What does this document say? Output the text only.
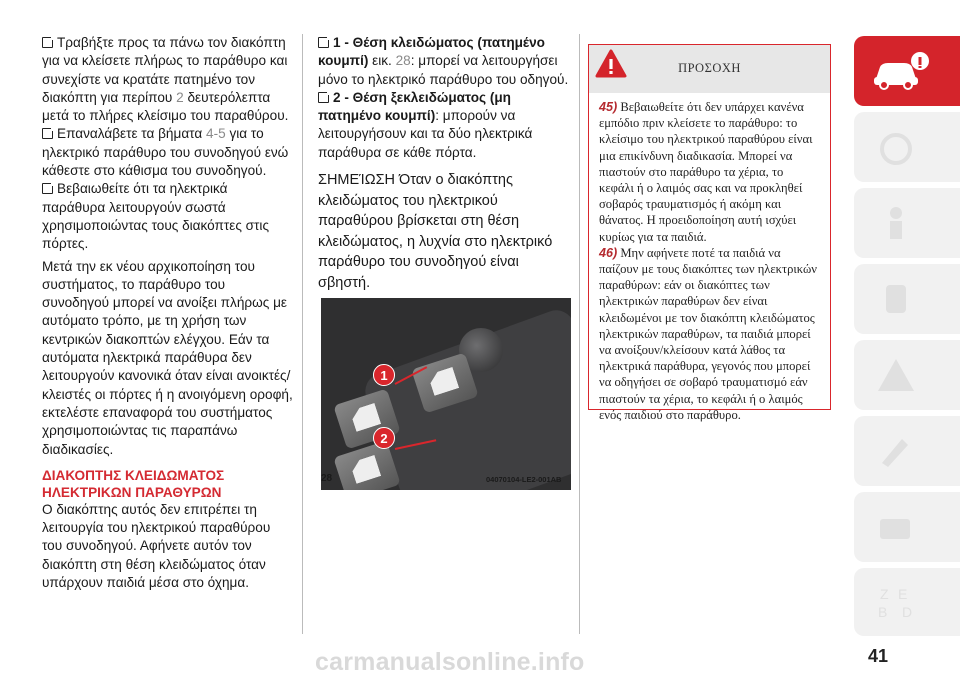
Τραβήξτε προς τα πάνω τον διακόπτη για να κλείσετε πλήρως το παράθυρο και συνεχίστε να κρατάτε πατημένο τον διακόπτη για περίπου 2 δευτερόλεπτα μετά το πλήρες κλείσιμο του παραθύρου.

Επαναλάβετε τα βήματα 4-5 για το ηλεκτρικό παράθυρο του συνοδηγού ενώ κάθεστε στο κάθισμα του συνοδηγού.

Βεβαιωθείτε ότι τα ηλεκτρικά παράθυρα λειτουργούν σωστά χρησιμοποιώντας τους διακόπτες στις πόρτες.

Μετά την εκ νέου αρχικοποίηση του συστήματος, το παράθυρο του συνοδηγού μπορεί να ανοίξει πλήρως με αυτόματο τρόπο, με τη χρήση των κεντρικών διακοπτών ελέγχου. Εάν τα αυτόματα ηλεκτρικά παράθυρα δεν λειτουργούν κανονικά όταν είναι ανοικτές/κλειστές οι πόρτες ή η ανοιγόμενη οροφή, εκτελέστε επαναφορά του συστήματος χρησιμοποιώντας τις παραπάνω διαδικασίες.

ΔΙΑΚΟΠΤΗΣ ΚΛΕΙΔΩΜΑΤΟΣ ΗΛΕΚΤΡΙΚΩΝ ΠΑΡΑΘΥΡΩΝ

Ο διακόπτης αυτός δεν επιτρέπει τη λειτουργία του ηλεκτρικού παραθύρου του συνοδηγού. Αφήνετε αυτόν τον διακόπτη στη θέση κλειδώματος όταν υπάρχουν παιδιά μέσα στο όχημα.

1 - Θέση κλειδώματος (πατημένο κουμπί) εικ. 28: μπορεί να λειτουργήσει μόνο το ηλεκτρικό παράθυρο του οδηγού.

2 - Θέση ξεκλειδώματος (μη πατημένο κουμπί): μπορούν να λειτουργήσουν και τα δύο ηλεκτρικά παράθυρα σε κάθε πόρτα.

ΣΗΜΕΊΩΣΗ Όταν ο διακόπτης κλειδώματος του ηλεκτρικού παραθύρου βρίσκεται στη θέση κλειδώματος, η λυχνία στο ηλεκτρικό παράθυρο του συνοδηγού είναι σβηστή.

1
2
28	04070104-LE2-001AB
ΠΡΟΣΟΧΗ

45) Βεβαιωθείτε ότι δεν υπάρχει κανένα εμπόδιο πριν κλείσετε το παράθυρο: το κλείσιμο του ηλεκτρικού παραθύρου είναι μια επικίνδυνη διαδικασία. Μπορεί να πιαστούν στο παράθυρο τα χέρια, το κεφάλι ή ο λαιμός σας και να προκληθεί σοβαρός τραυματισμός ή ακόμη και θάνατος. Η προειδοποίηση αυτή ισχύει κυρίως για τα παιδιά.

46) Μην αφήνετε ποτέ τα παιδιά να παίζουν με τους διακόπτες των ηλεκτρικών παραθύρων: εάν οι διακόπτες των ηλεκτρικών παραθύρων δεν είναι κλειδωμένοι με τον διακόπτη κλειδώματος ηλεκτρικών παραθύρων, τα παιδιά μπορεί να ανοίξουν/κλείσουν κατά λάθος τα ηλεκτρικά παράθυρα, γεγονός που μπορεί να οδηγήσει σε σοβαρό τραυματισμό εάν πιαστούν τα χέρια, το κεφάλι ή ο λαιμός ενός παιδιού στο παράθυρο.

Z E
B D
41
carmanualsonline.info
